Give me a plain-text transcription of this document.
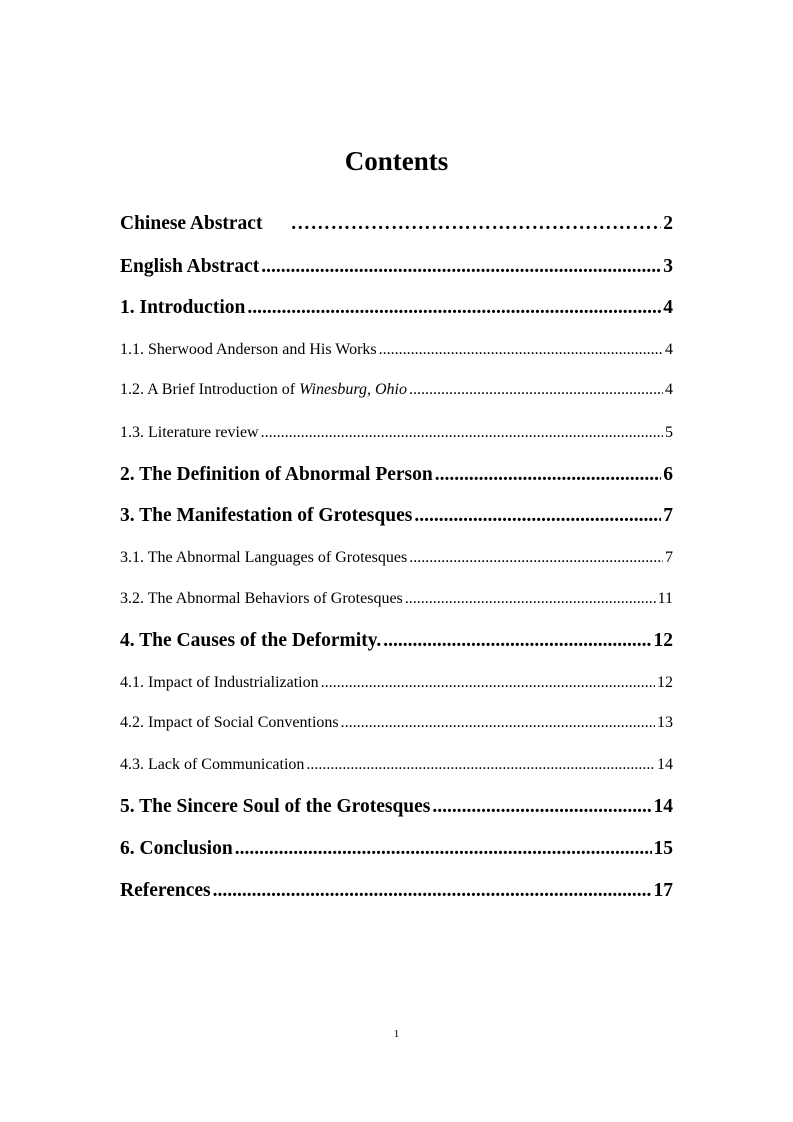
Contents
Chinese Abstract …………………………………………………………………………………	2
English Abstract .....	3
1. Introduction .....	4
1.1. Sherwood Anderson and His Works .....	4
1.2. A Brief Introduction of Winesburg, Ohio .....	4
1.3. Literature review .....	5
2. The Definition of Abnormal Person .....	6
3. The Manifestation of Grotesques .....	7
3.1. The Abnormal Languages of Grotesques .....	7
3.2. The Abnormal Behaviors of Grotesques .....	11
4. The Causes of the Deformity. .....	12
4.1. Impact of Industrialization .....	12
4.2. Impact of Social Conventions .....	13
4.3. Lack of Communication .....	14
5. The Sincere Soul of the Grotesques .....	14
6. Conclusion .....	15
References .....	17
1
